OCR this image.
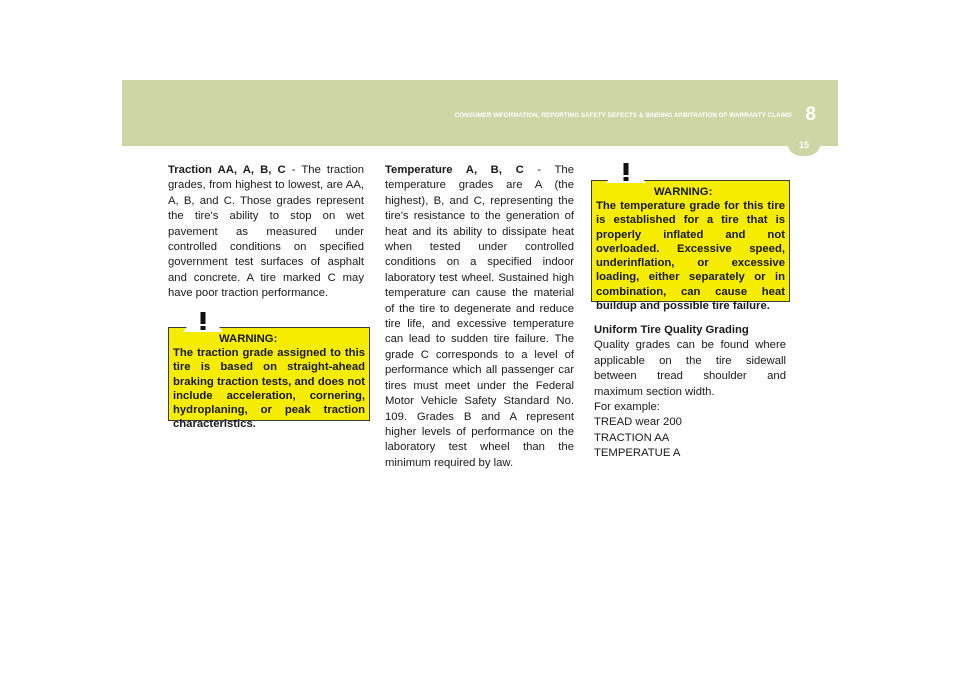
CONSUMER INFORMATION, REPORTING SAFETY DEFECTS & BINDING ARBITRATION OF WARRANTY CLAIMS 8
15
Traction AA, A, B, C - The traction grades, from highest to lowest, are AA, A, B, and C. Those grades represent the tire's ability to stop on wet pavement as measured under controlled conditions on specified government test surfaces of asphalt and concrete. A tire marked C may have poor traction performance.
WARNING:
The traction grade assigned to this tire is based on straight-ahead braking traction tests, and does not include acceleration, cornering, hydroplaning, or peak traction characteristics.
Temperature A, B, C - The temperature grades are A (the highest), B, and C, representing the tire's resistance to the generation of heat and its ability to dissipate heat when tested under controlled conditions on a specified indoor laboratory test wheel. Sustained high temperature can cause the material of the tire to degenerate and reduce tire life, and excessive temperature can lead to sudden tire failure. The grade C corresponds to a level of performance which all passenger car tires must meet under the Federal Motor Vehicle Safety Standard No. 109. Grades B and A represent higher levels of performance on the laboratory test wheel than the minimum required by law.
WARNING:
The temperature grade for this tire is established for a tire that is properly inflated and not overloaded. Excessive speed, underinflation, or excessive loading, either separately or in combination, can cause heat buildup and possible tire failure.
Uniform Tire Quality Grading
Quality grades can be found where applicable on the tire sidewall between tread shoulder and maximum section width.
For example:
TREAD wear 200
TRACTION AA
TEMPERATUE A
